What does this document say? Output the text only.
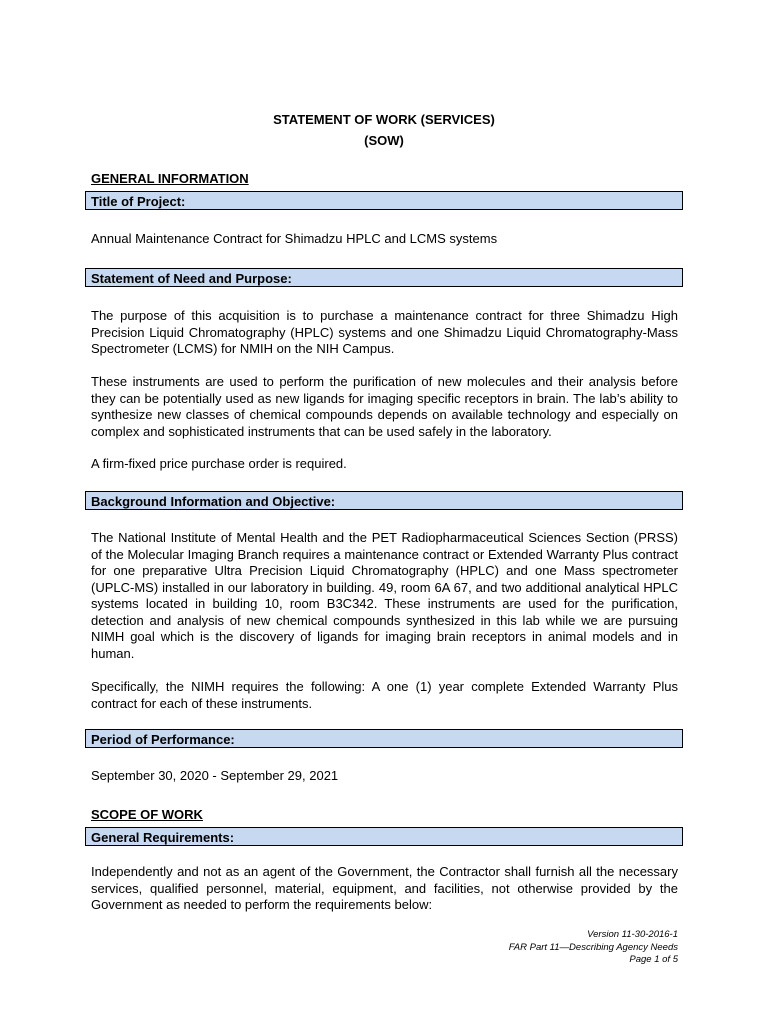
STATEMENT OF WORK (SERVICES)
(SOW)
GENERAL INFORMATION
Title of Project:
Annual Maintenance Contract for Shimadzu HPLC and LCMS systems
Statement of Need and Purpose:
The purpose of this acquisition is to purchase a maintenance contract for three Shimadzu High Precision Liquid Chromatography (HPLC) systems and one Shimadzu Liquid Chromatography-Mass Spectrometer (LCMS) for NMIH on the NIH Campus.
These instruments are used to perform the purification of new molecules and their analysis before they can be potentially used as new ligands for imaging specific receptors in brain. The lab’s ability to synthesize new classes of chemical compounds depends on available technology and especially on complex and sophisticated instruments that can be used safely in the laboratory.
A firm-fixed price purchase order is required.
Background Information and Objective:
The National Institute of Mental Health and the PET Radiopharmaceutical Sciences Section (PRSS) of the Molecular Imaging Branch requires a maintenance contract or Extended Warranty Plus contract for one preparative Ultra Precision Liquid Chromatography (HPLC) and one Mass spectrometer (UPLC-MS) installed in our laboratory in building. 49, room 6A 67, and two additional analytical HPLC systems located in building 10, room B3C342. These instruments are used for the purification, detection and analysis of new chemical compounds synthesized in this lab while we are pursuing NIMH goal which is the discovery of ligands for imaging brain receptors in animal models and in human.
Specifically, the NIMH requires the following: A one (1) year complete Extended Warranty Plus contract for each of these instruments.
Period of Performance:
September 30, 2020 - September 29, 2021
SCOPE OF WORK
General Requirements:
Independently and not as an agent of the Government, the Contractor shall furnish all the necessary services, qualified personnel, material, equipment, and facilities, not otherwise provided by the Government as needed to perform the requirements below:
Version 11-30-2016-1
FAR Part 11—Describing Agency Needs
Page 1 of 5
